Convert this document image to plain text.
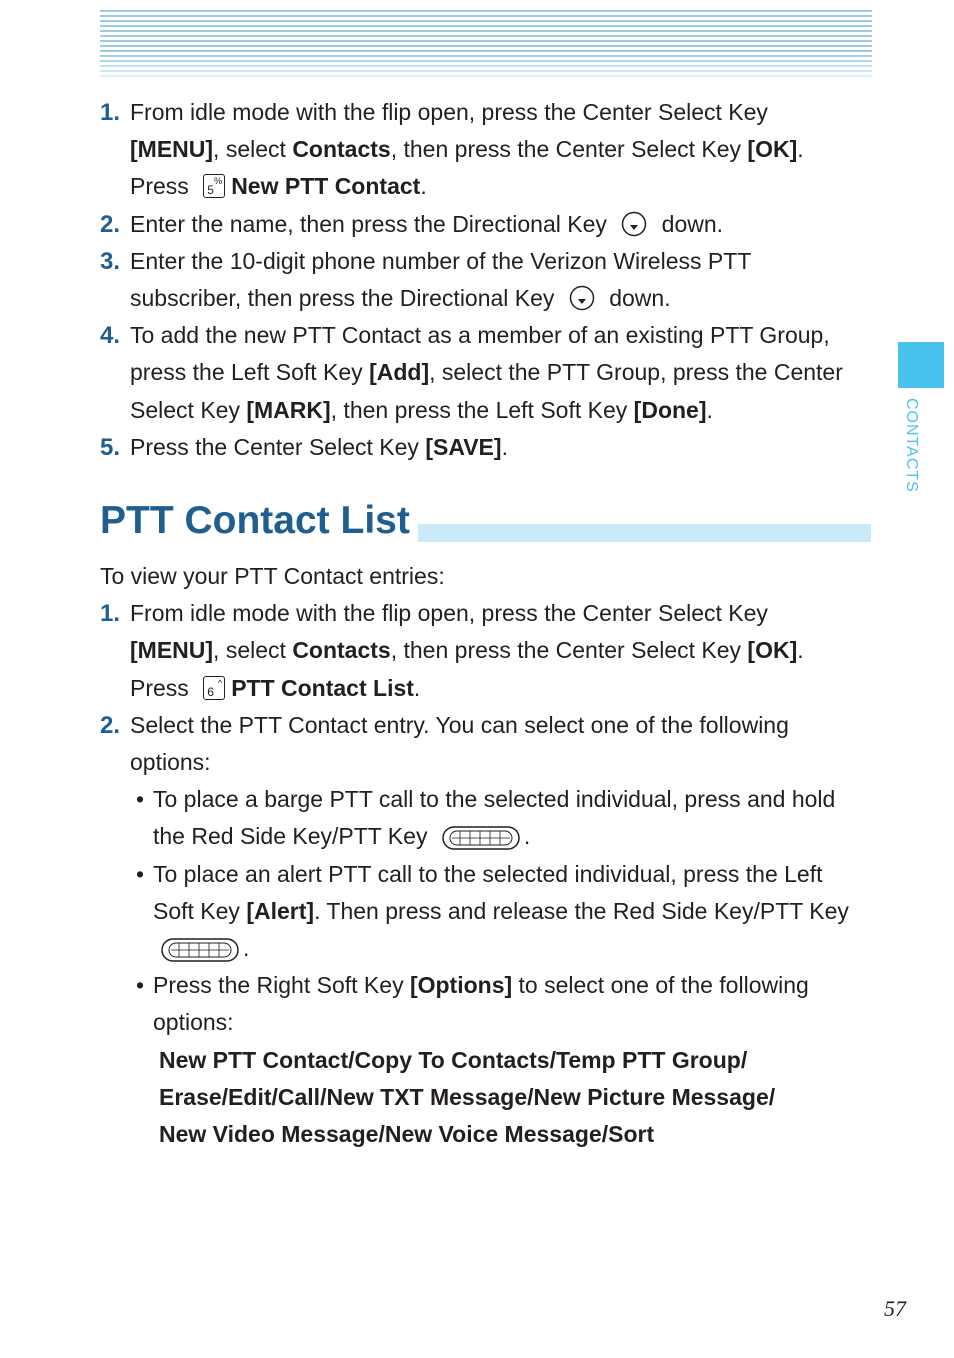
CONTACTS
1. From idle mode with the flip open, press the Center Select Key [MENU], select Contacts, then press the Center Select Key [OK]. Press 5
% New PTT Contact.
2. Enter the name, then press the Directional Key  down.
3. Enter the 10-digit phone number of the Verizon Wireless PTT subscriber, then press the Directional Key  down.
4. To add the new PTT Contact as a member of an existing PTT Group, press the Left Soft Key [Add], select the PTT Group, press the Center Select Key [MARK], then press the Left Soft Key [Done].
5. Press the Center Select Key [SAVE].
PTT Contact List
To view your PTT Contact entries:
1. From idle mode with the flip open, press the Center Select Key [MENU], select Contacts, then press the Center Select Key [OK]. Press 6
^ PTT Contact List.
2. Select the PTT Contact entry. You can select one of the following options:
• To place a barge PTT call to the selected individual, press and hold the Red Side Key/PTT Key	.
• To place an alert PTT call to the selected individual, press the Left Soft Key [Alert]. Then press and release the Red Side Key/PTT Key .
• Press the Right Soft Key [Options] to select one of the following options:
New PTT Contact/Copy To Contacts/Temp PTT Group/
Erase/Edit/Call/New TXT Message/New Picture Message/
New Video Message/New Voice Message/Sort
57
